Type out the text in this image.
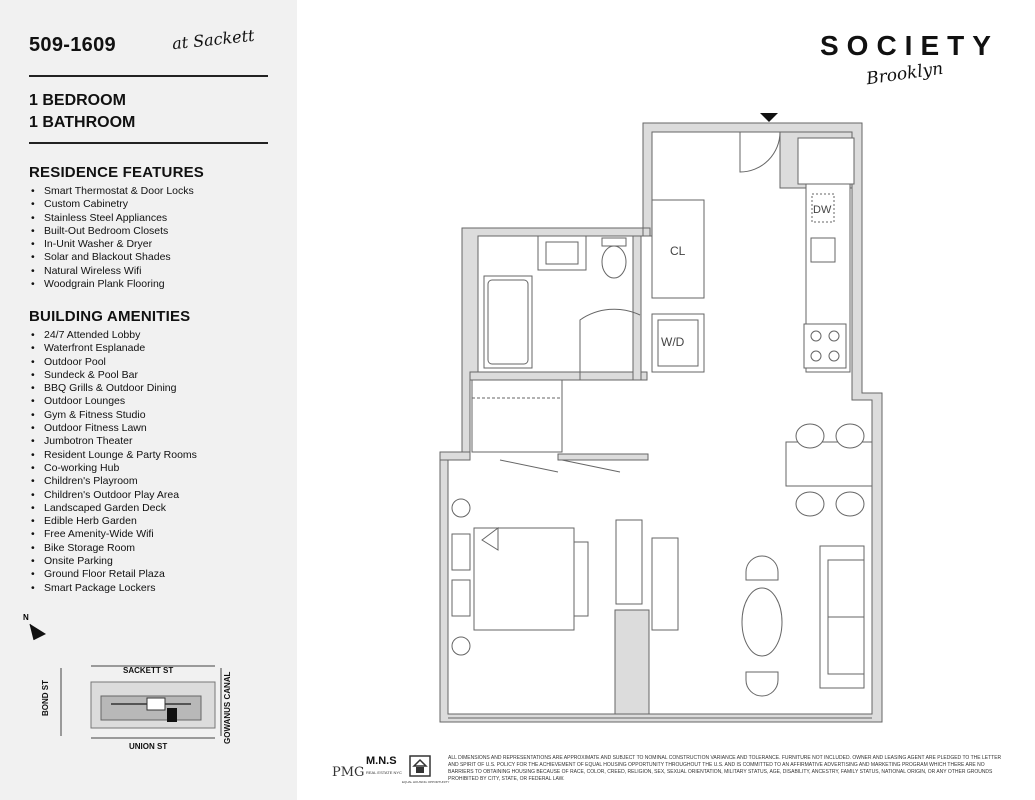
509-1609	at Sackett
1 BEDROOM
1 BATHROOM
RESIDENCE FEATURES
• Smart Thermostat & Door Locks
• Custom Cabinetry
• Stainless Steel Appliances
• Built-Out Bedroom Closets
• In-Unit Washer & Dryer
• Solar and Blackout Shades
• Natural Wireless Wifi
• Woodgrain Plank Flooring
BUILDING AMENITIES
• 24/7 Attended Lobby
• Waterfront Esplanade
• Outdoor Pool
• Sundeck & Pool Bar
• BBQ Grills & Outdoor Dining
• Outdoor Lounges
• Gym & Fitness Studio
• Outdoor Fitness Lawn
• Jumbotron Theater
• Resident Lounge & Party Rooms
• Co-working Hub
• Children's Playroom
• Children's Outdoor Play Area
• Landscaped Garden Deck
• Edible Herb Garden
• Free Amenity-Wide Wifi
• Bike Storage Room
• Onsite Parking
• Ground Floor Retail Plaza
• Smart Package Lockers
N
SACKETT ST
UNION ST
BOND ST	GOWANUS CANAL
SOCIETY
Brooklyn
CL
W/D
DW
PMG
M.N.S
REAL ESTATE NYC
EQUAL HOUSING OPPORTUNITY
ALL DIMENSIONS AND REPRESENTATIONS ARE APPROXIMATE AND SUBJECT TO NOMINAL CONSTRUCTION VARIANCE AND TOLERANCE. FURNITURE NOT INCLUDED. OWNER AND LEASING AGENT ARE PLEDGED TO THE LETTER AND SPIRIT OF U.S. POLICY FOR THE ACHIEVEMENT OF EQUAL HOUSING OPPORTUNITY THROUGHOUT THE U.S. AND IS COMMITTED TO AN AFFIRMATIVE ADVERTISING AND MARKETING PROGRAM WHICH THERE ARE NO BARRIERS TO OBTAINING HOUSING BECAUSE OF RACE, COLOR, CREED, RELIGION, SEX, SEXUAL ORIENTATION, MILITARY STATUS, AGE, DISABILITY, ANCESTRY, FAMILY STATUS, NATIONAL ORIGIN, OR ANY OTHER GROUNDS PROHIBITED BY CITY, STATE, OR FEDERAL LAW.
